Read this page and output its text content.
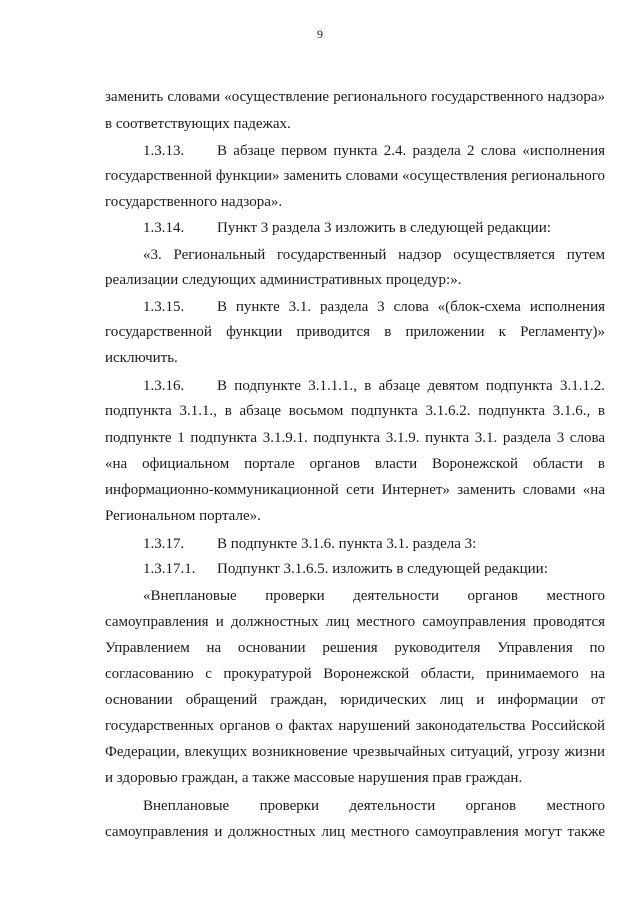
9
заменить словами «осуществление регионального государственного надзора»
в соответствующих падежах.
1.3.13. В абзаце первом пункта 2.4. раздела 2 слова «исполнения
государственной функции» заменить словами «осуществления регионального
государственного надзора».
1.3.14. Пункт 3 раздела 3 изложить в следующей редакции:
«3. Региональный государственный надзор осуществляется путем
реализации следующих административных процедур:».
1.3.15. В пункте 3.1. раздела 3 слова «(блок-схема исполнения
государственной функции приводится в приложении к Регламенту)»
исключить.
1.3.16. В подпункте 3.1.1.1., в абзаце девятом подпункта 3.1.1.2.
подпункта 3.1.1., в абзаце восьмом подпункта 3.1.6.2. подпункта 3.1.6., в
подпункте 1 подпункта 3.1.9.1. подпункта 3.1.9. пункта 3.1. раздела 3 слова
«на официальном портале органов власти Воронежской области в
информационно-коммуникационной сети Интернет» заменить словами «на
Региональном портале».
1.3.17. В подпункте 3.1.6. пункта 3.1. раздела 3:
1.3.17.1. Подпункт 3.1.6.5. изложить в следующей редакции:
«Внеплановые проверки деятельности органов местного
самоуправления и должностных лиц местного самоуправления проводятся
Управлением на основании решения руководителя Управления по
согласованию с прокуратурой Воронежской области, принимаемого на
основании обращений граждан, юридических лиц и информации от
государственных органов о фактах нарушений законодательства Российской
Федерации, влекущих возникновение чрезвычайных ситуаций, угрозу жизни
и здоровью граждан, а также массовые нарушения прав граждан.
Внеплановые проверки деятельности органов местного
самоуправления и должностных лиц местного самоуправления могут также
